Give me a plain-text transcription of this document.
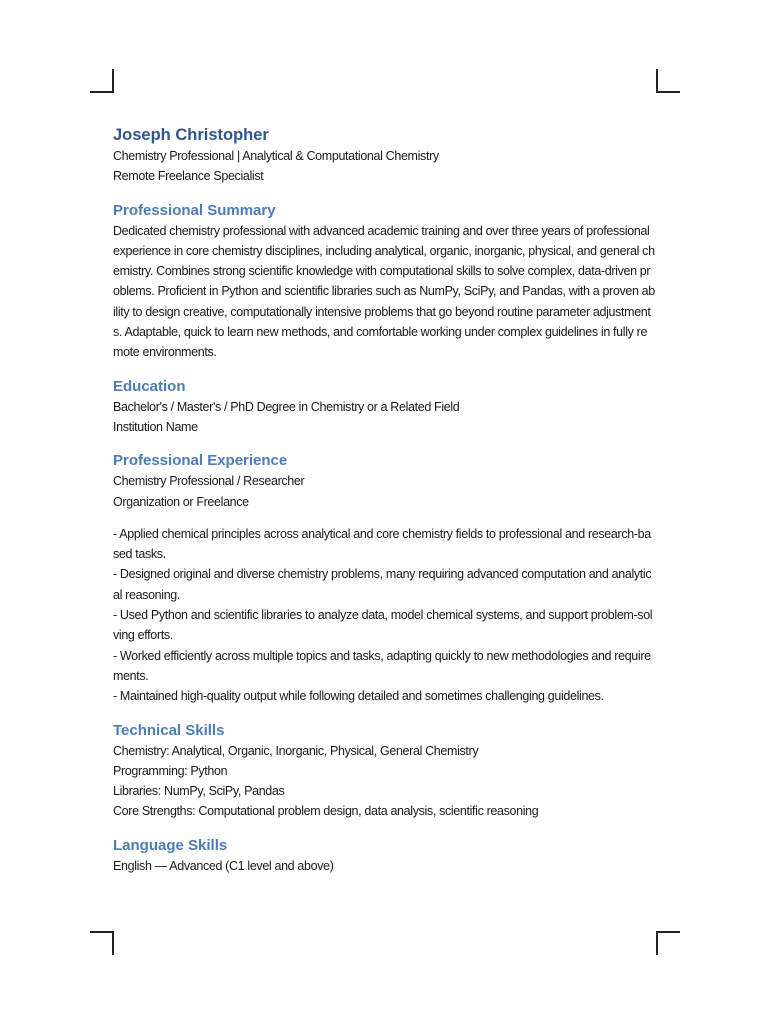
Joseph Christopher

Chemistry Professional | Analytical & Computational Chemistry

Remote Freelance Specialist

Professional Summary

Dedicated chemistry professional with advanced academic training and over three years of professional experience in core chemistry disciplines, including analytical, organic, inorganic, physical, and general chemistry. Combines strong scientific knowledge with computational skills to solve complex, data-driven problems. Proficient in Python and scientific libraries such as NumPy, SciPy, and Pandas, with a proven ability to design creative, computationally intensive problems that go beyond routine parameter adjustments. Adaptable, quick to learn new methods, and comfortable working under complex guidelines in fully remote environments.

Education

Bachelor's / Master's / PhD Degree in Chemistry or a Related Field

Institution Name

Professional Experience

Chemistry Professional / Researcher

Organization or Freelance

- Applied chemical principles across analytical and core chemistry fields to professional and research-based tasks.

- Designed original and diverse chemistry problems, many requiring advanced computation and analytical reasoning.

- Used Python and scientific libraries to analyze data, model chemical systems, and support problem-solving efforts.

- Worked efficiently across multiple topics and tasks, adapting quickly to new methodologies and requirements.

- Maintained high-quality output while following detailed and sometimes challenging guidelines.

Technical Skills

Chemistry: Analytical, Organic, Inorganic, Physical, General Chemistry

Programming: Python

Libraries: NumPy, SciPy, Pandas

Core Strengths: Computational problem design, data analysis, scientific reasoning

Language Skills

English — Advanced (C1 level and above)
